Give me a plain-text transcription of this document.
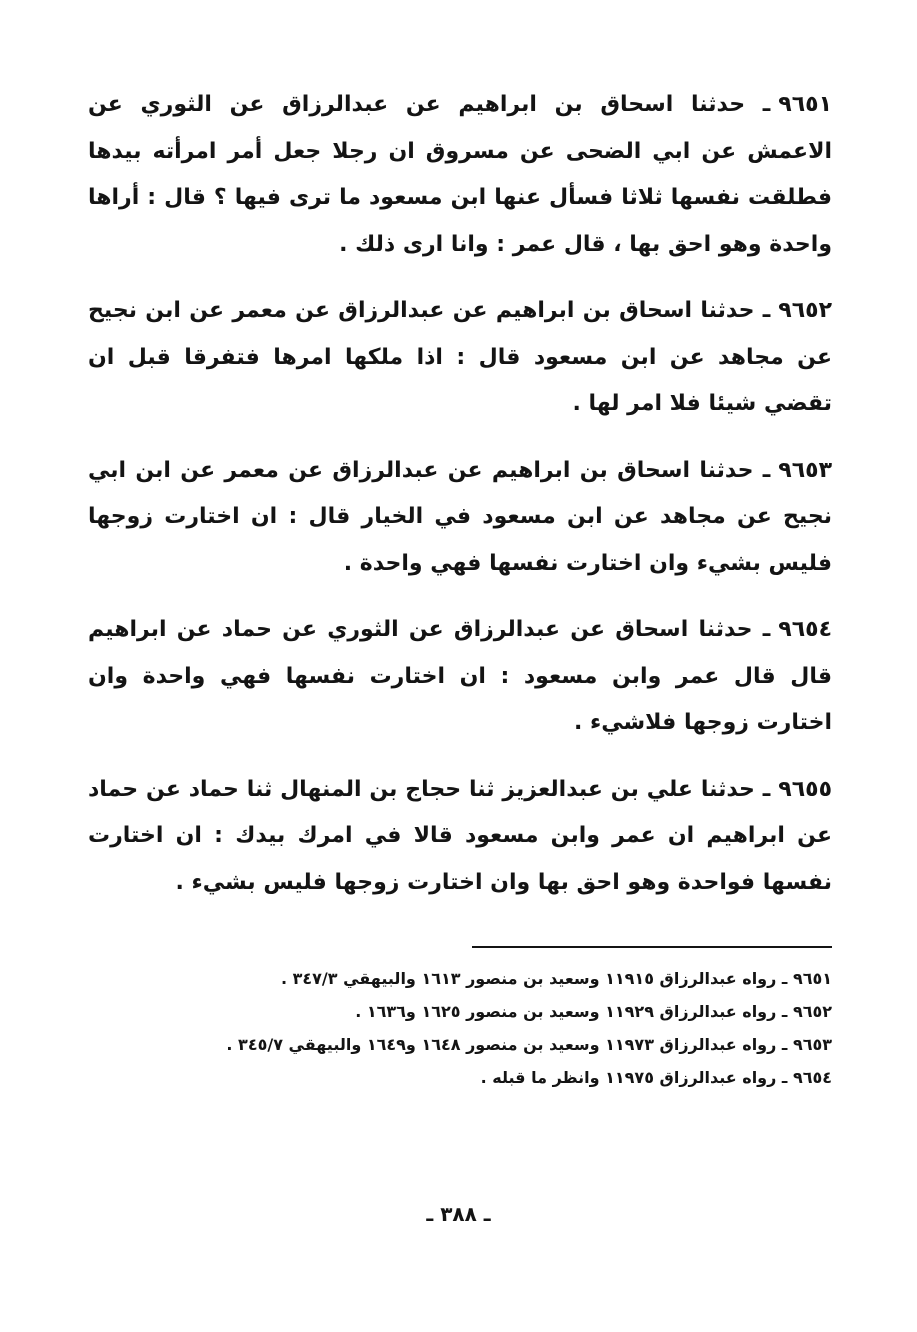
٩٦٥١ـ حدثنا اسحاق بن ابراهيم عن عبدالرزاق عن الثوري عن الاعمش عن ابي الضحى عن مسروق ان رجلا جعل أمر امرأته بيدها فطلقت نفسها ثلاثا فسأل عنها ابن مسعود ما ترى فيها ؟ قال : أراها واحدة وهو احق بها ، قال عمر : وانا ارى ذلك .

٩٦٥٢ـ حدثنا اسحاق بن ابراهيم عن عبدالرزاق عن معمر عن ابن نجيح عن مجاهد عن ابن مسعود قال : اذا ملكها امرها فتفرقا قبل ان تقضي شيئا فلا امر لها .

٩٦٥٣ـ حدثنا اسحاق بن ابراهيم عن عبدالرزاق عن معمر عن ابن ابي نجيح عن مجاهد عن ابن مسعود في الخيار قال : ان اختارت زوجها فليس بشيء وان اختارت نفسها فهي واحدة .

٩٦٥٤ـ حدثنا اسحاق عن عبدالرزاق عن الثوري عن حماد عن ابراهيم قال قال عمر وابن مسعود : ان اختارت نفسها فهي واحدة وان اختارت زوجها فلاشيء .

٩٦٥٥ـ حدثنا علي بن عبدالعزيز ثنا حجاج بن المنهال ثنا حماد عن حماد عن ابراهيم ان عمر وابن مسعود قالا في امرك بيدك : ان اختارت نفسها فواحدة وهو احق بها وان اختارت زوجها فليس بشيء .

٩٦٥١ ـ رواه عبدالرزاق ١١٩١٥ وسعيد بن منصور ١٦١٣ والبيهقي ٣٤٧/٣ .

٩٦٥٢ ـ رواه عبدالرزاق ١١٩٢٩ وسعيد بن منصور ١٦٢٥ و١٦٣٦ .

٩٦٥٣ ـ رواه عبدالرزاق ١١٩٧٣ وسعيد بن منصور ١٦٤٨ و١٦٤٩ والبيهقي ٣٤٥/٧ .

٩٦٥٤ ـ رواه عبدالرزاق ١١٩٧٥ وانظر ما قبله .

ـ ٣٨٨ ـ
